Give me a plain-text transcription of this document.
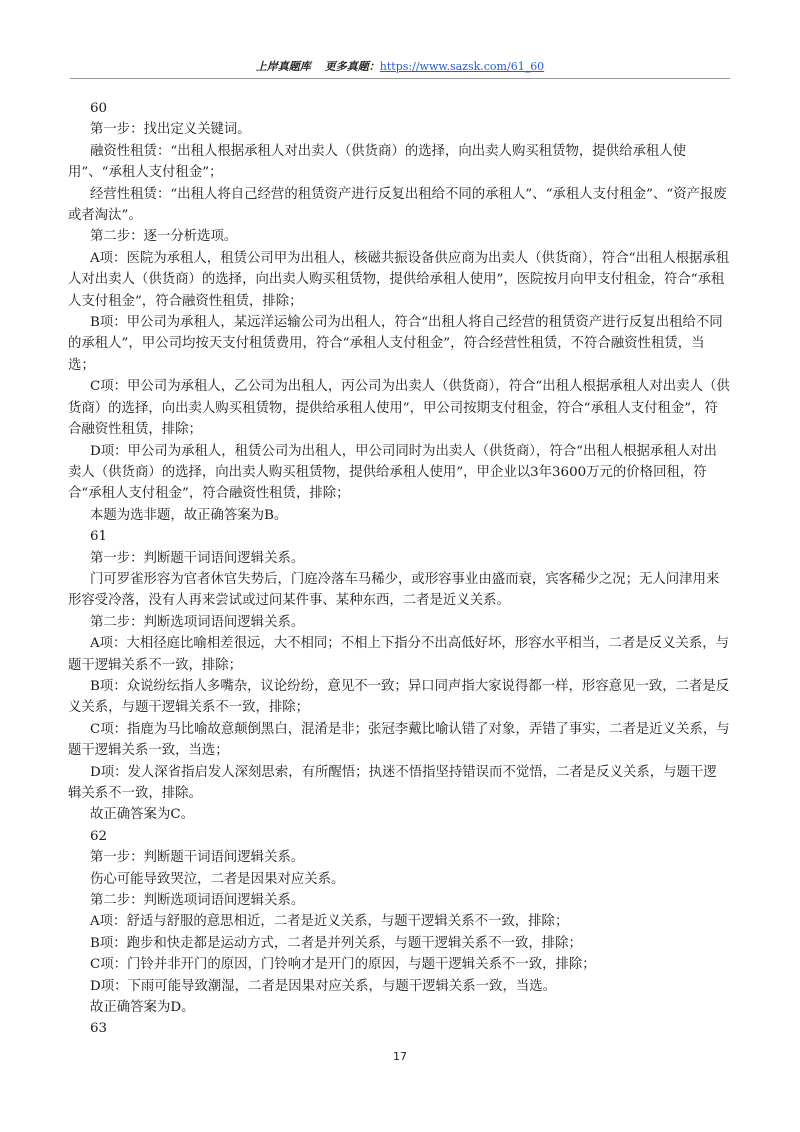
上岸真题库 更多真题：https://www.sazsk.com/61_60

60

第一步：找出定义关键词。

融资性租赁：“出租人根据承租人对出卖人（供货商）的选择，向出卖人购买租赁物，提供给承租人使用”、“承租人支付租金”；

经营性租赁：“出租人将自己经营的租赁资产进行反复出租给不同的承租人”、“承租人支付租金”、“资产报废或者淘汰”。

第二步：逐一分析选项。

A项：医院为承租人，租赁公司甲为出租人，核磁共振设备供应商为出卖人（供货商），符合“出租人根据承租人对出卖人（供货商）的选择，向出卖人购买租赁物，提供给承租人使用”，医院按月向甲支付租金，符合“承租人支付租金”，符合融资性租赁，排除；

B项：甲公司为承租人，某远洋运输公司为出租人，符合“出租人将自己经营的租赁资产进行反复出租给不同的承租人”，甲公司均按天支付租赁费用，符合“承租人支付租金”，符合经营性租赁，不符合融资性租赁，当选；

C项：甲公司为承租人，乙公司为出租人，丙公司为出卖人（供货商），符合“出租人根据承租人对出卖人（供货商）的选择，向出卖人购买租赁物，提供给承租人使用”，甲公司按期支付租金，符合“承租人支付租金”，符合融资性租赁，排除；

D项：甲公司为承租人，租赁公司为出租人，甲公司同时为出卖人（供货商），符合“出租人根据承租人对出卖人（供货商）的选择，向出卖人购买租赁物，提供给承租人使用”，甲企业以3年3600万元的价格回租，符合“承租人支付租金”，符合融资性租赁，排除；

本题为选非题，故正确答案为B。

61

第一步：判断题干词语间逻辑关系。

门可罗雀形容为官者休官失势后，门庭冷落车马稀少，或形容事业由盛而衰，宾客稀少之况；无人问津用来形容受冷落，没有人再来尝试或过问某件事、某种东西，二者是近义关系。

第二步：判断选项词语间逻辑关系。

A项：大相径庭比喻相差很远，大不相同；不相上下指分不出高低好坏，形容水平相当，二者是反义关系，与题干逻辑关系不一致，排除；

B项：众说纷纭指人多嘴杂，议论纷纷，意见不一致；异口同声指大家说得都一样，形容意见一致，二者是反义关系，与题干逻辑关系不一致，排除；

C项：指鹿为马比喻故意颠倒黑白，混淆是非；张冠李戴比喻认错了对象，弄错了事实，二者是近义关系，与题干逻辑关系一致，当选；

D项：发人深省指启发人深刻思索，有所醒悟；执迷不悟指坚持错误而不觉悟，二者是反义关系，与题干逻辑关系不一致，排除。

故正确答案为C。

62

第一步：判断题干词语间逻辑关系。

伤心可能导致哭泣，二者是因果对应关系。

第二步：判断选项词语间逻辑关系。

A项：舒适与舒服的意思相近，二者是近义关系，与题干逻辑关系不一致，排除；

B项：跑步和快走都是运动方式，二者是并列关系，与题干逻辑关系不一致，排除；

C项：门铃并非开门的原因，门铃响才是开门的原因，与题干逻辑关系不一致，排除；

D项：下雨可能导致潮湿，二者是因果对应关系，与题干逻辑关系一致，当选。

故正确答案为D。

63

17
